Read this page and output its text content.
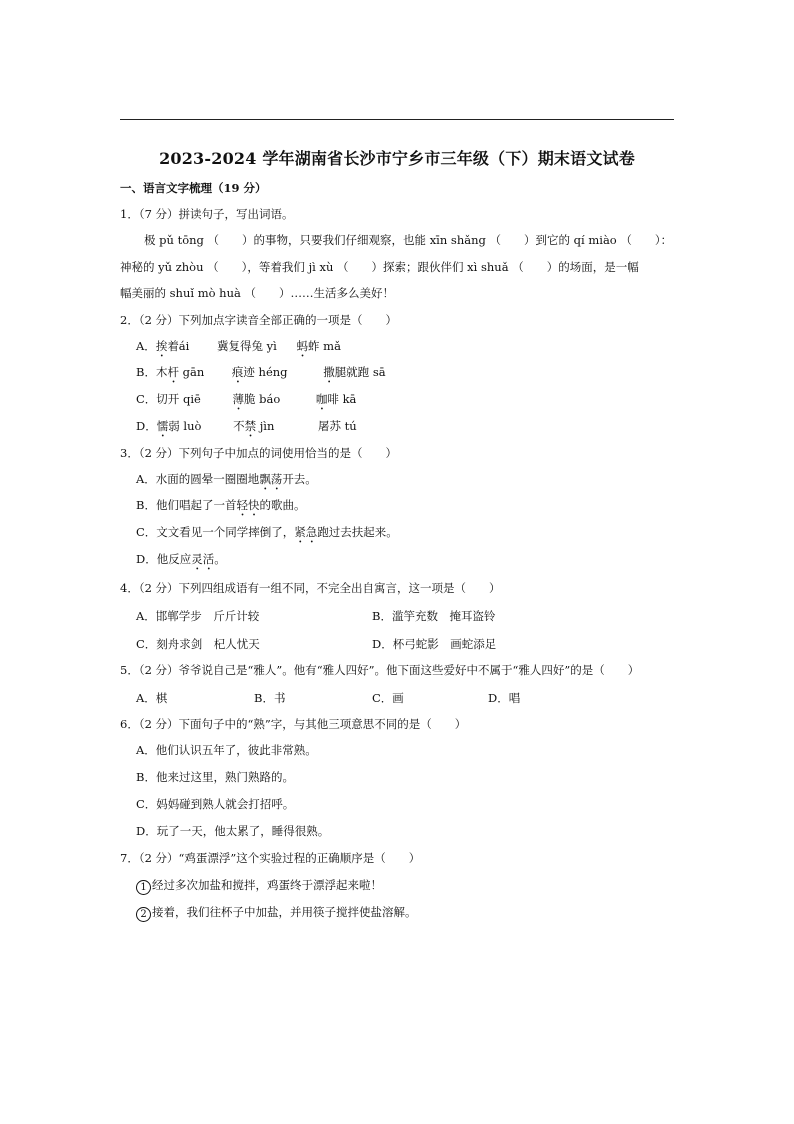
2023-2024 学年湖南省长沙市宁乡市三年级（下）期末语文试卷
一、语言文字梳理（19 分）
1．（7 分）拼读句子，写出词语。
极 pǔ tōng （　　）的事物，只要我们仔细观察，也能 xīn shǎng （　　）到它的 qí miào （　　）：
神秘的 yǔ zhòu （　　），等着我们 jì xù （　　）探索；跟伙伴们 xì shuǎ （　　）的场面，是一幅
幅美丽的 shuǐ mò huà （　　）……生活多么美好！
2．（2 分）下列加点字读音全部正确的一项是（　　）
A．挨着ái 冀复得兔 yì 蚂蚱 mǎ
B．木杆 gān 痕迹 héng	撒腿就跑 sā
C．切开 qiē	薄脆 báo	咖啡 kā
D．懦弱 luò	不禁 jìn	屠苏 tú
3．（2 分）下列句子中加点的词使用恰当的是（　　）
A．水面的圆晕一圈圈地飘荡开去。
B．他们唱起了一首轻快的歌曲。
C．文文看见一个同学摔倒了，紧急跑过去扶起来。
D．他反应灵活。
4．（2 分）下列四组成语有一组不同，不完全出自寓言，这一项是（　　）
A．邯郸学步　斤斤计较	B．滥竽充数　掩耳盗铃
C．刻舟求剑　杞人忧天	D．杯弓蛇影　画蛇添足
5．（2 分）爷爷说自己是“雅人”。他有“雅人四好”。他下面这些爱好中不属于“雅人四好”的是（　　）
A．棋	B．书	C．画	D．唱
6．（2 分）下面句子中的“熟”字，与其他三项意思不同的是（　　）
A．他们认识五年了，彼此非常熟。
B．他来过这里，熟门熟路的。
C．妈妈碰到熟人就会打招呼。
D．玩了一天，他太累了，睡得很熟。
7．（2 分）“鸡蛋漂浮”这个实验过程的正确顺序是（　　）
1 经过多次加盐和搅拌，鸡蛋终于漂浮起来啦！
2 接着，我们往杯子中加盐，并用筷子搅拌使盐溶解。
